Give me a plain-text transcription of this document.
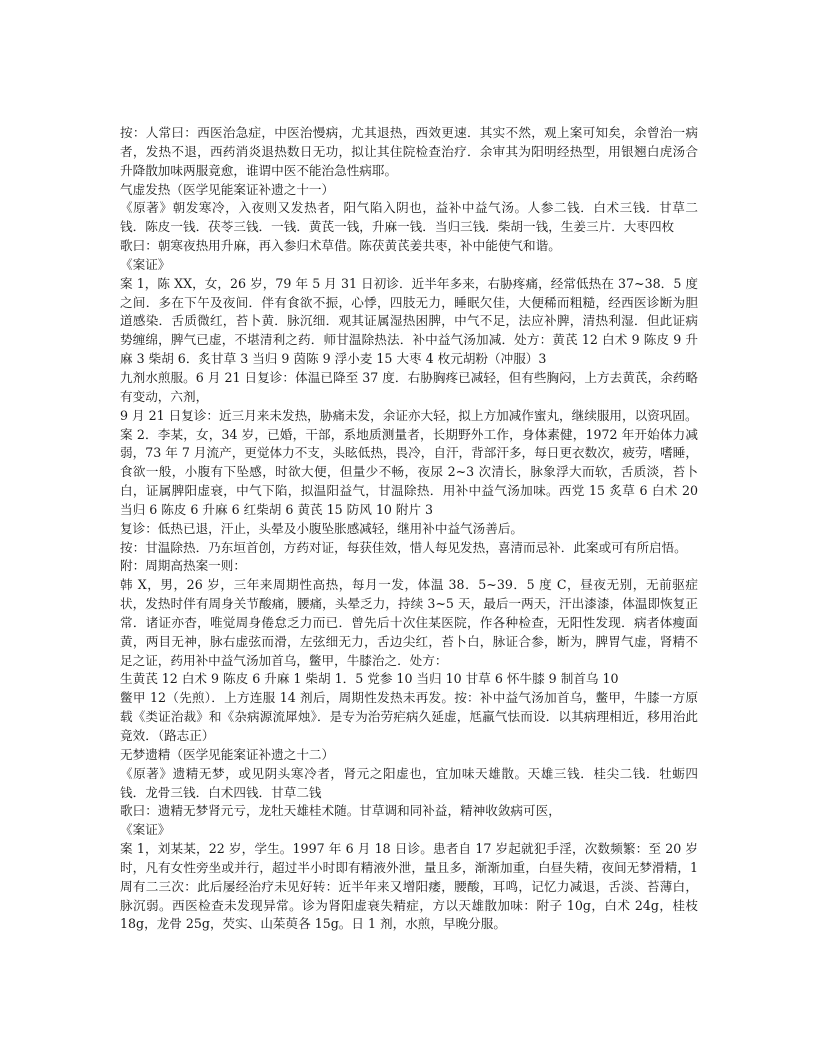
按：人常曰：西医治急症，中医治慢病，尤其退热，西效更速．其实不然，观上案可知矣，余曾治一病者，发热不退，西药消炎退热数日无功，拟让其住院检查治疗．余审其为阳明经热型，用银翘白虎汤合升降散加味两服竟愈，谁谓中医不能治急性病耶。

气虚发热（医学见能案证补遗之十一）

《原著》朝发寒冷，入夜则又发热者，阳气陷入阴也，益补中益气汤。人参二钱．白术三钱．甘草二钱．陈皮一钱．茯苓三钱．一钱．黄芪一钱，升麻一钱．当归三钱．柴胡一钱，生姜三片．大枣四枚

歌曰：朝寒夜热用升麻，再入参归术草借。陈茯黄芪姜共枣，补中能使气和谐。

《案证》

案 1，陈 XX，女，26 岁，79 年 5 月 31 日初诊．近半年多来，右胁疼痛，经常低热在 37~38．5 度之间．多在下午及夜间．伴有食欲不振，心悸，四肢无力，睡眠欠佳，大便稀而粗糙，经西医诊断为胆道感染．舌质微红，苔卜黄．脉沉细．观其证属湿热困脾，中气不足，法应补脾，清热利湿．但此证病势缠绵，脾气已虚，不堪清利之药．师甘温除热法．补中益气汤加减．处方：黄芪 12 白术 9 陈皮 9 升麻 3 柴胡 6．炙甘草 3 当归 9 茵陈 9 浮小麦 15 大枣 4 枚元胡粉（冲服）3

九剂水煎服。6 月 21 日复诊：体温已降至 37 度．右胁胸疼已减轻，但有些胸闷，上方去黄芪，余药略有变动，六剂，

9 月 21 日复诊：近三月来未发热，胁痛未发，余证亦大轻，拟上方加减作蜜丸，继续服用，以资巩固。

案 2．李某，女，34 岁，已婚，干部，系地质测量者，长期野外工作，身体素健，1972 年开始体力减弱，73 年 7 月流产，更觉体力不支，头眩低热，畏冷，自汗，背部汗多，每日更衣数次，疲劳，嗜睡，食欲一般，小腹有下坠感，时欲大便，但量少不畅，夜尿 2~3 次清长，脉象浮大而软，舌质淡，苔卜白，证属脾阳虚衰，中气下陷，拟温阳益气，甘温除热．用补中益气汤加味。西党 15 炙草 6 白术 20 当归 6 陈皮 6 升麻 6 红柴胡 6 黄芪 15 防风 10 附片 3

复诊：低热已退，汗止，头晕及小腹坠胀感减轻，继用补中益气汤善后。

按：甘温除热．乃东垣首创，方药对证，每获佳效，惜人每见发热，喜清而忌补．此案或可有所启悟。

附：周期高热案一则：

韩 X，男，26 岁，三年来周期性高热，每月一发，体温 38．5~39．5 度 C，昼夜无别，无前驱症状，发热时伴有周身关节酸痛，腰痛，头晕乏力，持续 3~5 天，最后一两天，汗出漆漆，体温即恢复正常．诸证亦杳，唯觉周身倦怠乏力而已．曾先后十次住某医院，作各种检查，无阳性发现．病者体瘦面黄，两目无神，脉右虚弦而滑，左弦细无力，舌边尖红，苔卜白，脉证合参，断为，脾胃气虚，肾精不足之证，药用补中益气汤加首乌，鳖甲，牛膝治之．处方：

生黄芪 12 白术 9 陈皮 6 升麻 1 柴胡 1．5 党参 10 当归 10 甘草 6 怀牛膝 9 制首乌 10

鳖甲 12（先煎）．上方连服 14 剂后，周期性发热未再发。按：补中益气汤加首乌，鳖甲，牛膝一方原载《类证治裁》和《杂病源流犀烛》．是专为治劳疟病久延虚，尪羸气怯而设．以其病理相近，移用治此竟效．（路志正）

无梦遗精（医学见能案证补遗之十二）

《原著》遗精无梦，或见阴头寒冷者，肾元之阳虚也，宜加味天雄散。天雄三钱．桂尖二钱．牡蛎四钱．龙骨三钱．白术四钱．甘草二钱

歌曰：遗精无梦肾元亏，龙牡天雄桂术随。甘草调和同补益，精神收敛病可医，

《案证》

案 1，刘某某，22 岁，学生。1997 年 6 月 18 日诊。患者自 17 岁起就犯手淫，次数频繁：至 20 岁时，凡有女性旁坐或并行，超过半小时即有精液外泄，量且多，渐渐加重，白昼失精，夜间无梦滑精，1 周有二三次：此后屡经治疗未见好转：近半年来又增阳痿，腰酸，耳鸣，记忆力减退，舌淡、苔薄白，脉沉弱。西医检查未发现异常。诊为肾阳虚衰失精症，方以天雄散加味：附子 10g，白术 24g，桂枝 18g，龙骨 25g，芡实、山茱萸各 15g。日 1 剂，水煎，早晚分服。
